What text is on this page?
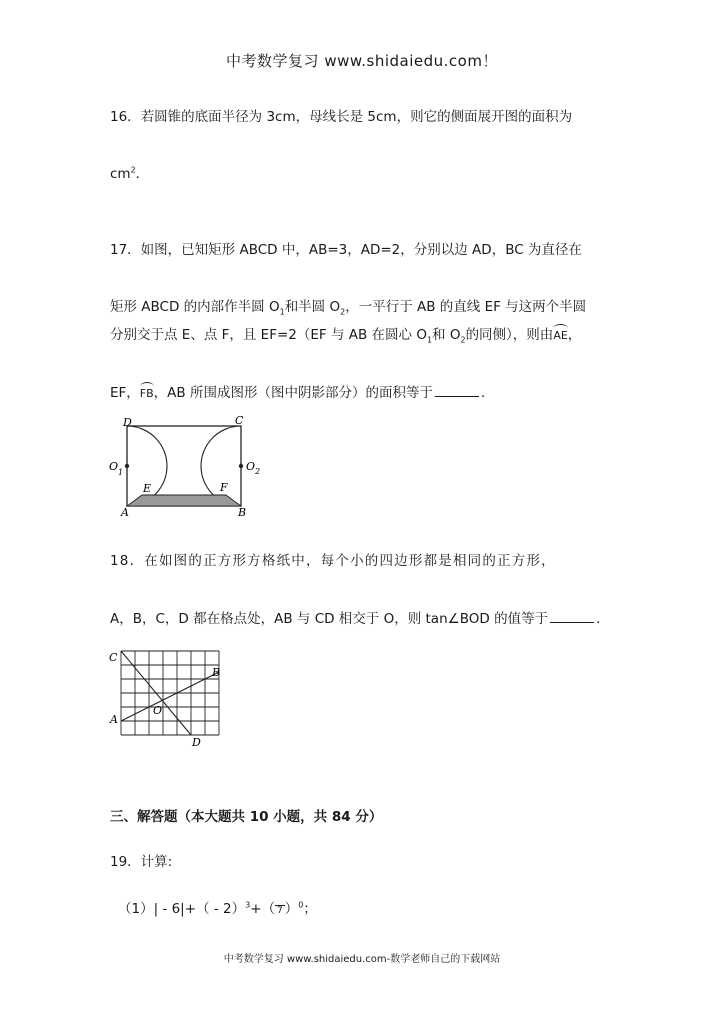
中考数学复习 www.shidaiedu.com！
16．若圆锥的底面半径为 3cm，母线长是 5cm，则它的侧面展开图的面积为
$cm^2$．
17．如图，已知矩形 ABCD 中，AB=3，AD=2，分别以边 AD，BC 为直径在
矩形 ABCD 的内部作半圆 $O_1$和半圆 $O_2$，一平行于 AB 的直线 EF 与这两个半圆
分别交于点 E、点 F，且 EF=2（EF 与 AB 在圆心 $O_1$和 $O_2$的同侧），则由AE，
EF，FB，AB 所围成图形（图中阴影部分）的面积等于	．
D	C
O 1	O 2
E	F
A	B
18．在如图的正方形方格纸中，每个小的四边形都是相同的正方形，
A，B，C，D 都在格点处，AB 与 CD 相交于 O，则 tan∠BOD 的值等于	．
C
B
O
A
D
三、解答题（本大题共 10 小题，共 84 分）
19．计算:
（1）| - 6|+（ - 2）$^3$+（ 7 ）$^0$；
中考数学复习 www.shidaiedu.com-数学老师自己的下载网站
